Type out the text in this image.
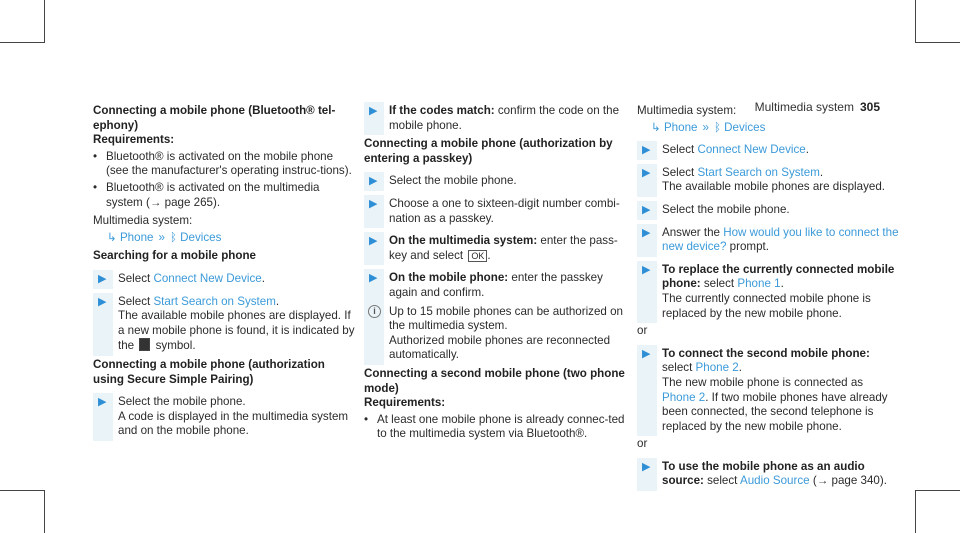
Multimedia system 305

Connecting a mobile phone (Bluetooth® tel-ephony)

Requirements:

• Bluetooth® is activated on the mobile phone (see the manufacturer's operating instruc-tions).

• Bluetooth® is activated on the multimedia system (→ page 265).

Multimedia system:

↳ Phone » ᛒ Devices

Searching for a mobile phone

▶ Select Connect New Device.
▶ Select Start Search on System.
The available mobile phones are displayed. If a new mobile phone is found, it is indicated by the symbol.

Connecting a mobile phone (authorization using Secure Simple Pairing)

▶ Select the mobile phone.
A code is displayed in the multimedia system and on the mobile phone.
▶ If the codes match: confirm the code on the mobile phone.

Connecting a mobile phone (authorization by entering a passkey)

▶ Select the mobile phone.
▶ Choose a one to sixteen-digit number combi-nation as a passkey.
▶ On the multimedia system: enter the pass-key and select OK .
▶ On the mobile phone: enter the passkey again and confirm.
i	Up to 15 mobile phones can be authorized on the multimedia system.
Authorized mobile phones are reconnected automatically.

Connecting a second mobile phone (two phone mode)

Requirements:

• At least one mobile phone is already connec-ted to the multimedia system via Bluetooth®.

Multimedia system:

↳ Phone » ᛒ Devices

▶ Select Connect New Device.
▶ Select Start Search on System.
The available mobile phones are displayed.
▶ Select the mobile phone.
▶ Answer the How would you like to connect the new device? prompt.
▶ To replace the currently connected mobile phone: select Phone 1.
The currently connected mobile phone is replaced by the new mobile phone.

or

▶ To connect the second mobile phone:
select Phone 2.
The new mobile phone is connected as Phone 2. If two mobile phones have already been connected, the second telephone is replaced by the new mobile phone.

or

▶ To use the mobile phone as an audio source: select Audio Source (→ page 340).
